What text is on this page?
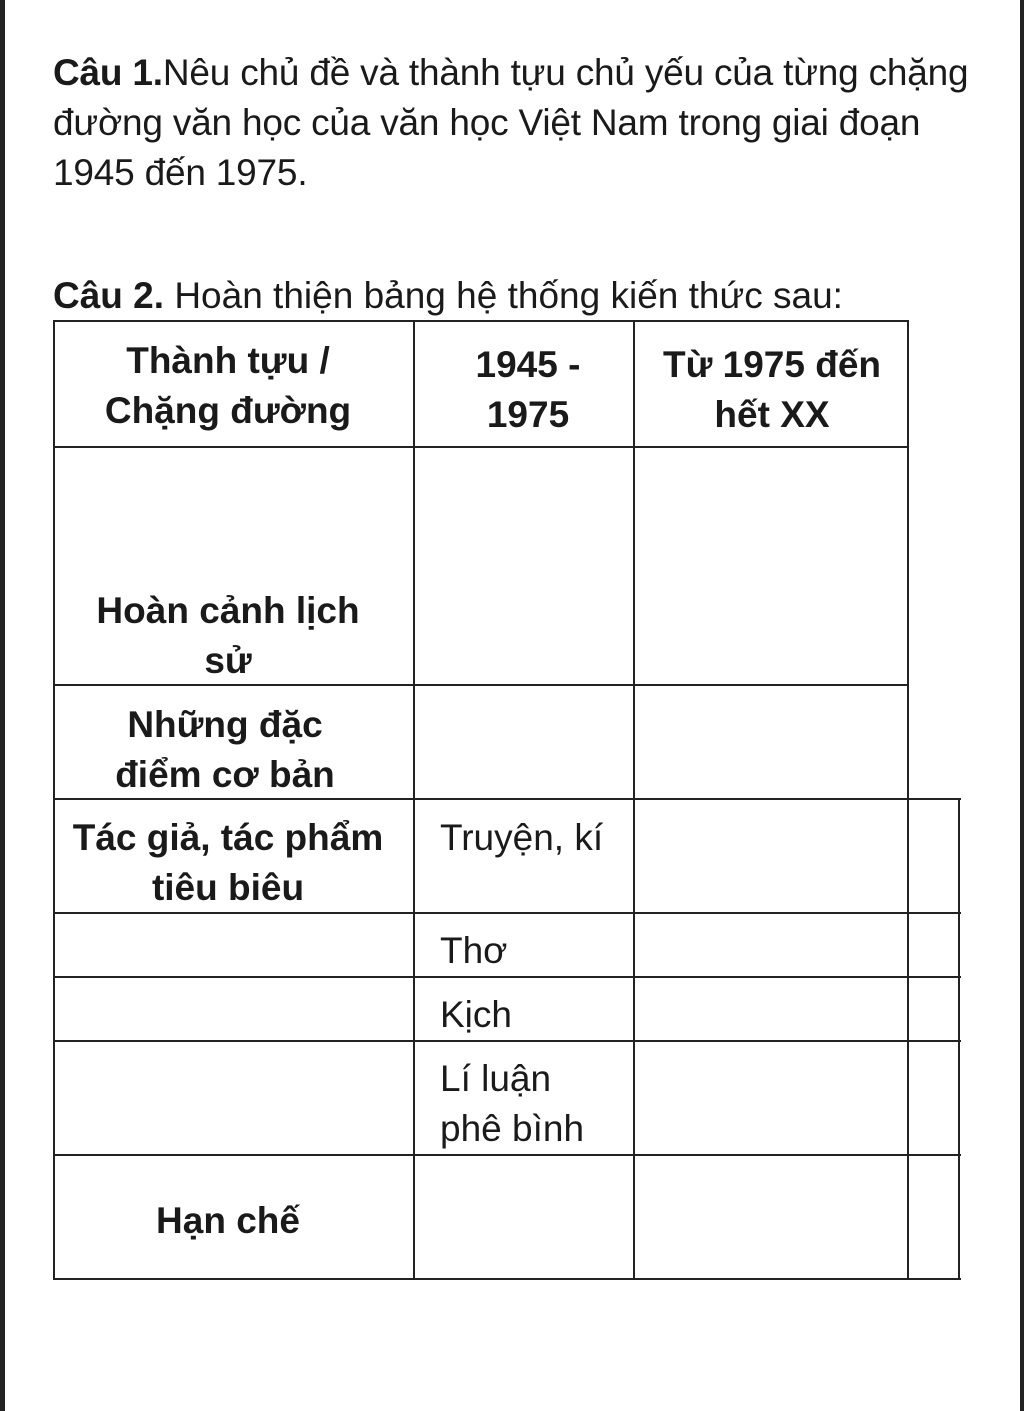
Câu 1.Nêu chủ đề và thành tựu chủ yếu của từng chặng đường văn học của văn học Việt Nam trong giai đoạn 1945 đến 1975.
Câu 2. Hoàn thiện bảng hệ thống kiến thức sau:
Thành tựu / Chặng đường
1945 - 1975
Từ 1975 đến hết XX
Hoàn cảnh lịch sử
Những đặc điểm cơ bản
Tác giả, tác phẩm tiêu biêu
Hạn chế
Truyện, kí
Thơ
Kịch
Lí luận phê bình
